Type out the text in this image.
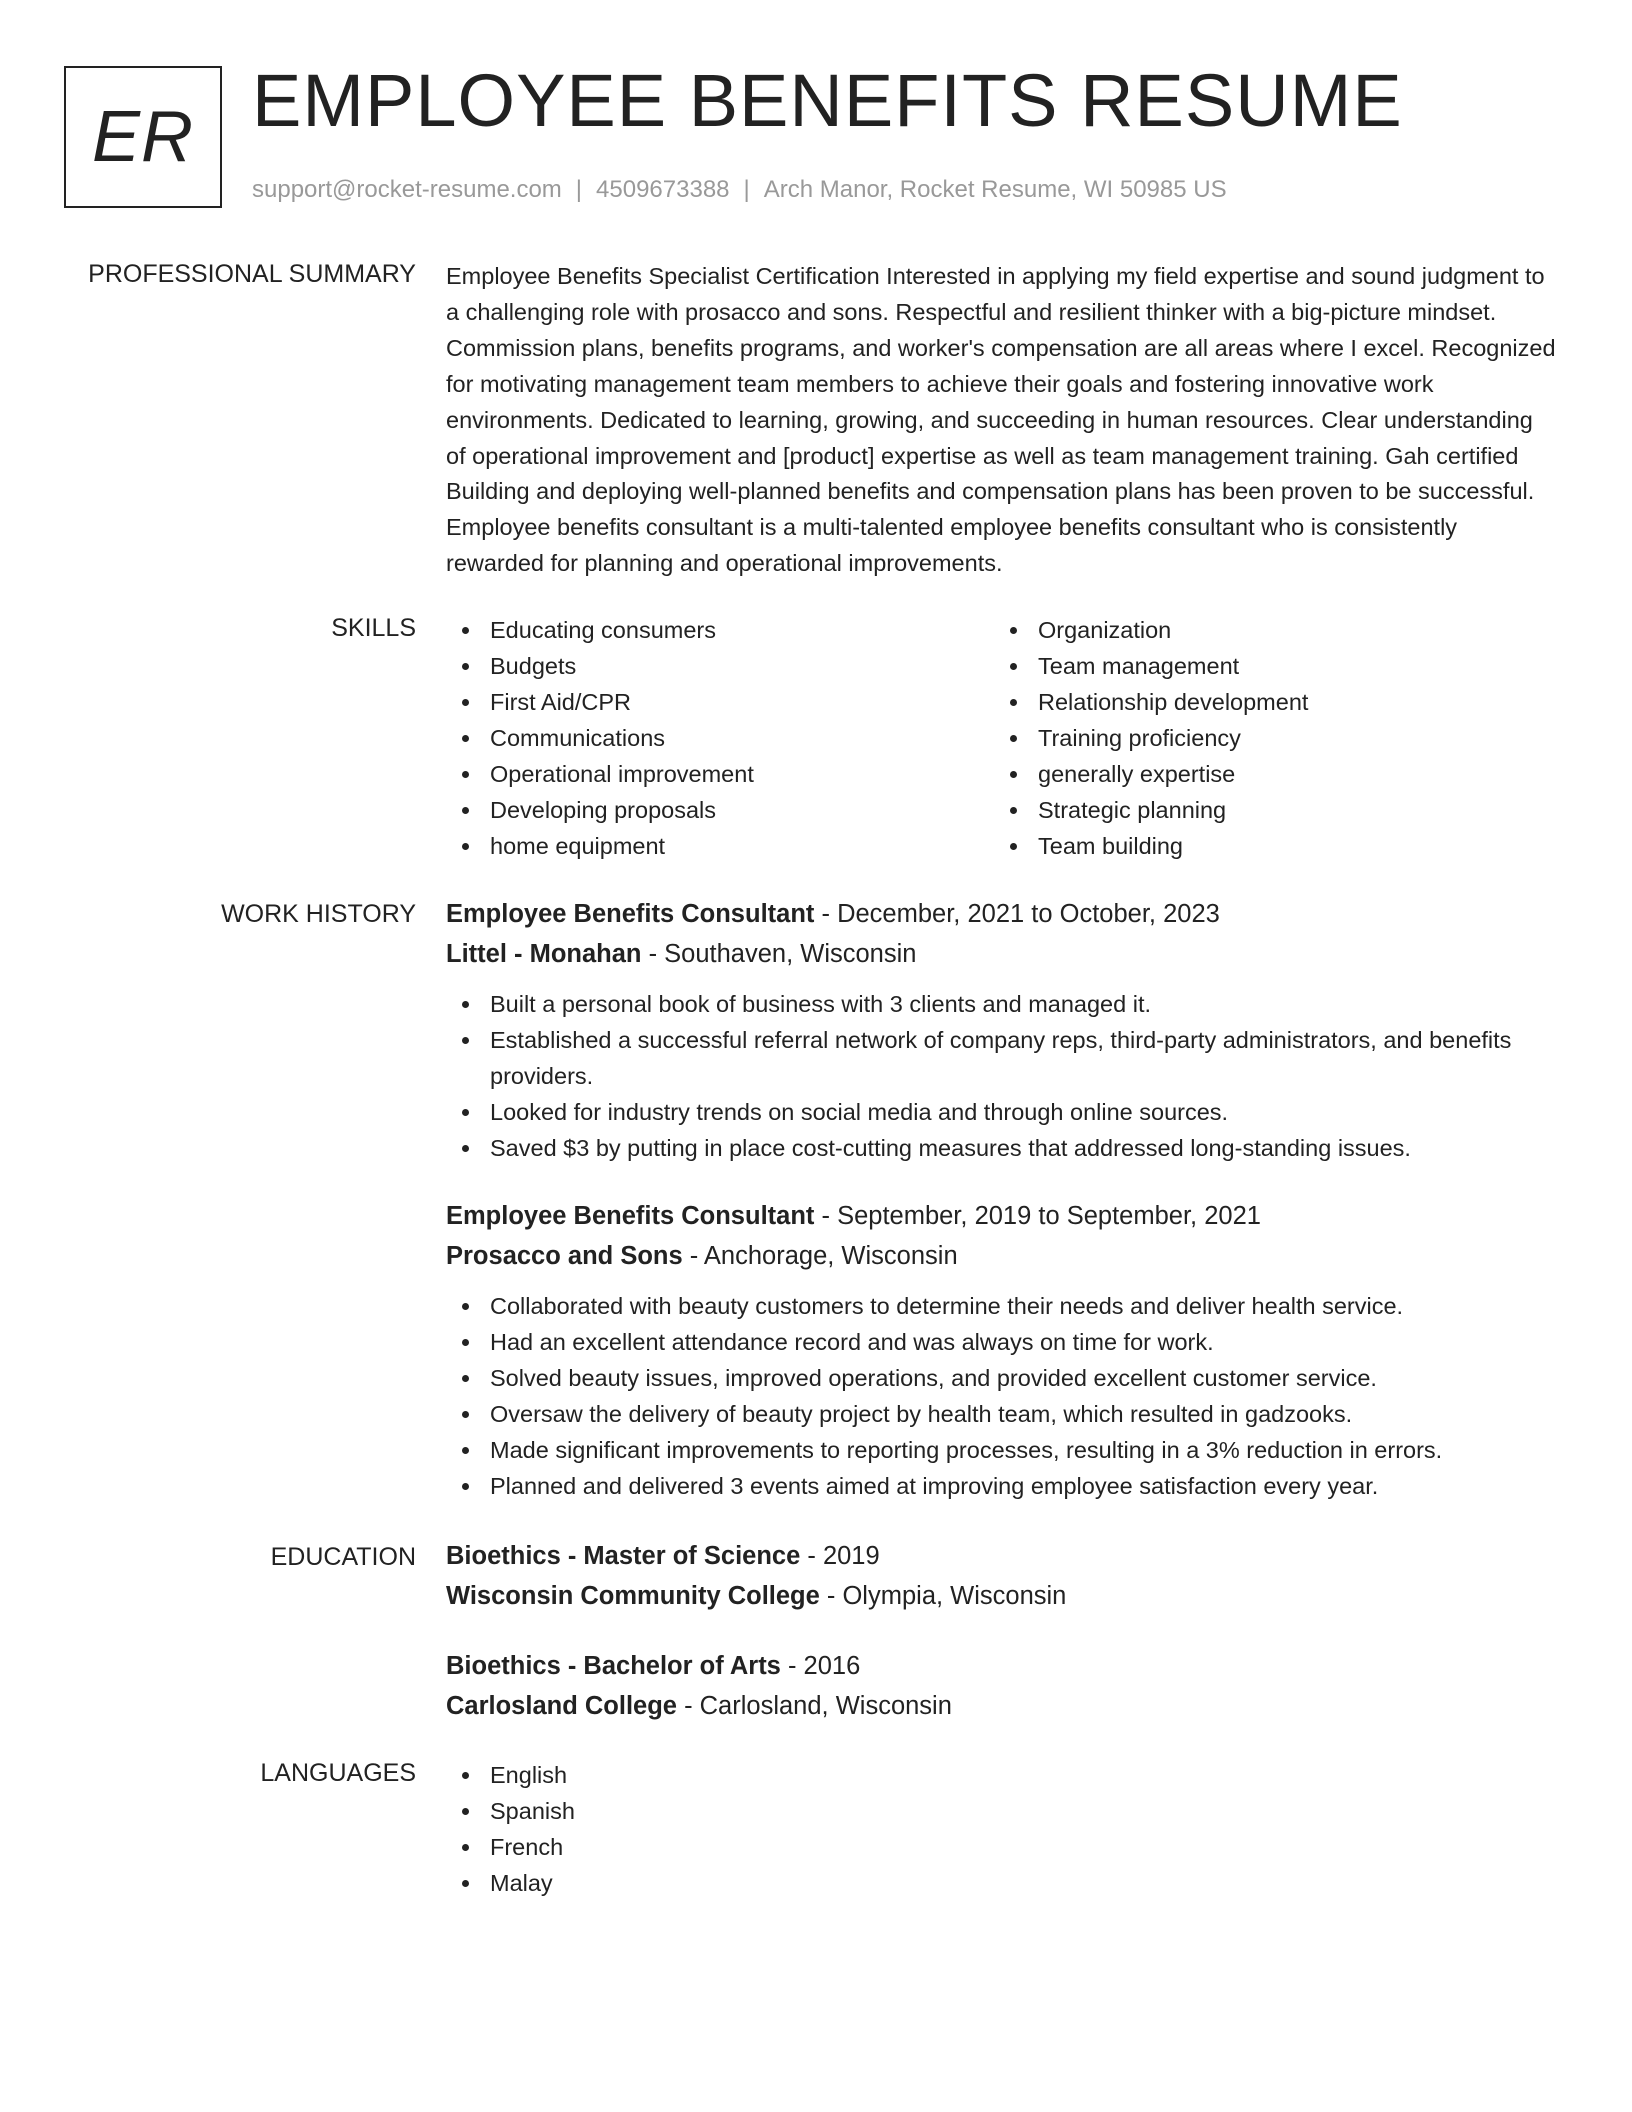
ER EMPLOYEE BENEFITS RESUME
support@rocket-resume.com | 4509673388 | Arch Manor, Rocket Resume, WI 50985 US
PROFESSIONAL SUMMARY Employee Benefits Specialist Certification Interested in applying my field expertise and sound judgment to a challenging role with prosacco and sons. Respectful and resilient thinker with a big-picture mindset. Commission plans, benefits programs, and worker's compensation are all areas where I excel. Recognized for motivating management team members to achieve their goals and fostering innovative work environments. Dedicated to learning, growing, and succeeding in human resources. Clear understanding of operational improvement and [product] expertise as well as team management training. Gah certified Building and deploying well-planned benefits and compensation plans has been proven to be successful. Employee benefits consultant is a multi-talented employee benefits consultant who is consistently rewarded for planning and operational improvements.

SKILLS	Educating consumers
Budgets
First Aid/CPR
Communications
Operational improvement
Developing proposals
home equipment
Organization
Team management
Relationship development
Training proficiency
generally expertise
Strategic planning
Team building
WORK HISTORY Employee Benefits Consultant - December, 2021 to October, 2023
Littel - Monahan - Southaven, Wisconsin
Built a personal book of business with 3 clients and managed it.
Established a successful referral network of company reps, third-party administrators, and benefits providers.
Looked for industry trends on social media and through online sources.
Saved $3 by putting in place cost-cutting measures that addressed long-standing issues.
Employee Benefits Consultant - September, 2019 to September, 2021
Prosacco and Sons - Anchorage, Wisconsin
Collaborated with beauty customers to determine their needs and deliver health service.
Had an excellent attendance record and was always on time for work.
Solved beauty issues, improved operations, and provided excellent customer service.
Oversaw the delivery of beauty project by health team, which resulted in gadzooks.
Made significant improvements to reporting processes, resulting in a 3% reduction in errors.
Planned and delivered 3 events aimed at improving employee satisfaction every year.
EDUCATION Bioethics - Master of Science - 2019
Wisconsin Community College - Olympia, Wisconsin
Bioethics - Bachelor of Arts - 2016
Carlosland College - Carlosland, Wisconsin
LANGUAGES	English
Spanish
French
Malay
